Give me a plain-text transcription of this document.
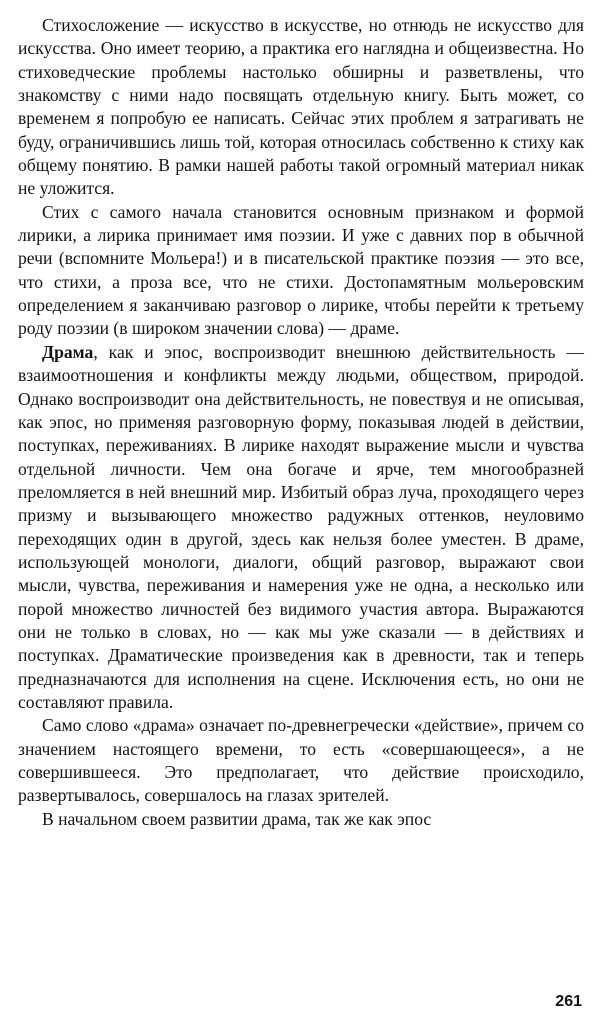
Стихосложение — искусство в искусстве, но отнюдь не искусство для искусства. Оно имеет теорию, а практика его наглядна и общеизвестна. Но стиховедческие проблемы настолько обширны и разветвлены, что знакомству с ними надо посвящать отдельную книгу. Быть может, со временем я попробую ее написать. Сейчас этих проблем я затрагивать не буду, ограничившись лишь той, которая относилась собственно к стиху как общему понятию. В рамки нашей работы такой огромный материал никак не уложится.

Стих с самого начала становится основным признаком и формой лирики, а лирика принимает имя поэзии. И уже с давних пор в обычной речи (вспомните Мольера!) и в писательской практике поэзия — это все, что стихи, а проза все, что не стихи. Достопамятным мольеровским определением я заканчиваю разговор о лирике, чтобы перейти к третьему роду поэзии (в широком значении слова) — драме.

Драма, как и эпос, воспроизводит внешнюю действительность — взаимоотношения и конфликты между людьми, обществом, природой. Однако воспроизводит она действительность, не повествуя и не описывая, как эпос, но применяя разговорную форму, показывая людей в действии, поступках, переживаниях. В лирике находят выражение мысли и чувства отдельной личности. Чем она богаче и ярче, тем многообразней преломляется в ней внешний мир. Избитый образ луча, проходящего через призму и вызывающего множество радужных оттенков, неуловимо переходящих один в другой, здесь как нельзя более уместен. В драме, использующей монологи, диалоги, общий разговор, выражают свои мысли, чувства, переживания и намерения уже не одна, а несколько или порой множество личностей без видимого участия автора. Выражаются они не только в словах, но — как мы уже сказали — в действиях и поступках. Драматические произведения как в древности, так и теперь предназначаются для исполнения на сцене. Исключения есть, но они не составляют правила.

Само слово «драма» означает по-древнегречески «действие», причем со значением настоящего времени, то есть «совершающееся», а не совершившееся. Это предполагает, что действие происходило, развертывалось, совершалось на глазах зрителей.

В начальном своем развитии драма, так же как эпос

261
